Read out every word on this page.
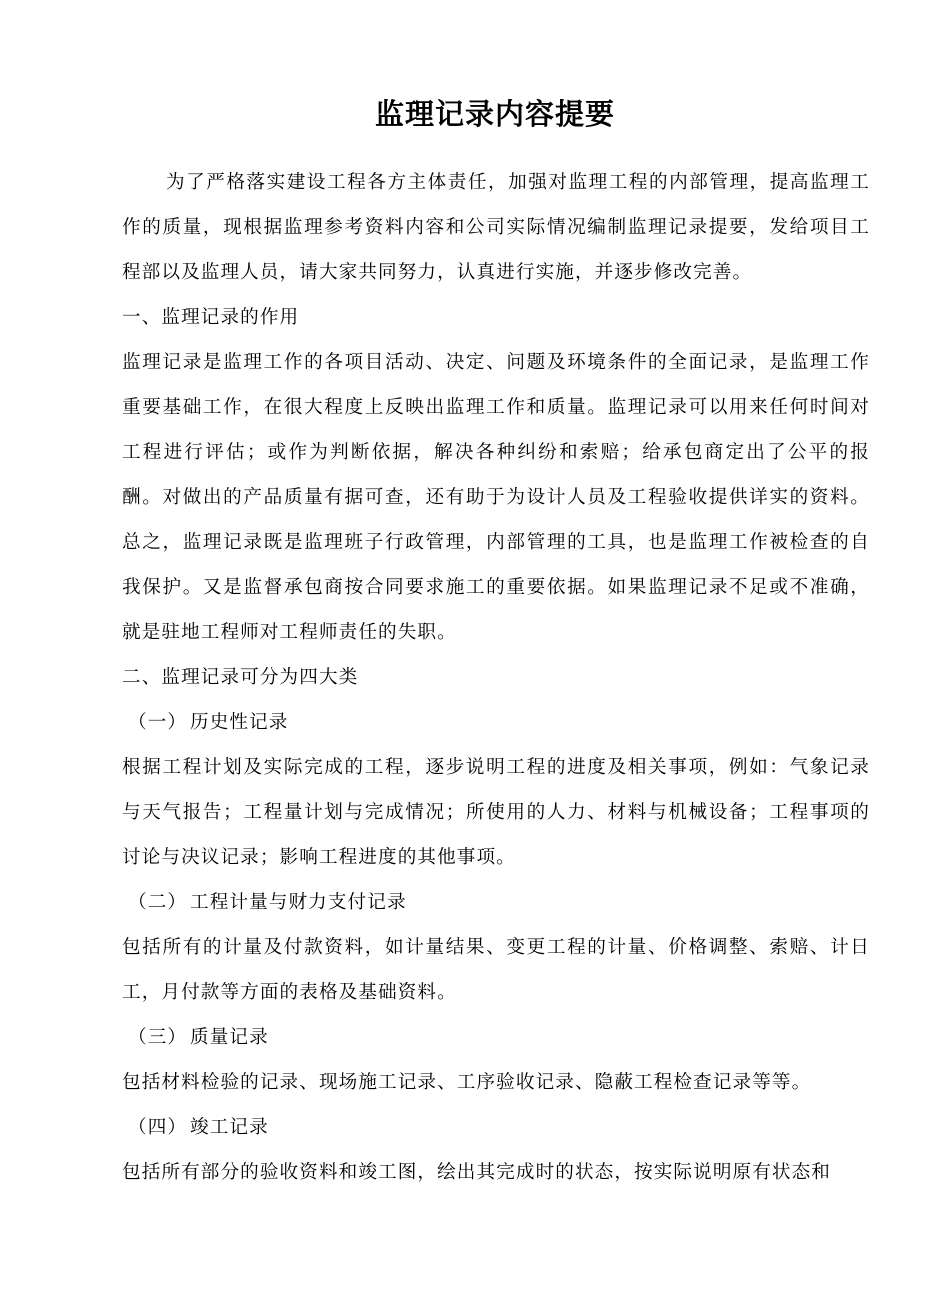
监理记录内容提要

为了严格落实建设工程各方主体责任，加强对监理工程的内部管理，提高监理工作的质量，现根据监理参考资料内容和公司实际情况编制监理记录提要，发给项目工程部以及监理人员，请大家共同努力，认真进行实施，并逐步修改完善。

一、监理记录的作用

监理记录是监理工作的各项目活动、决定、问题及环境条件的全面记录，是监理工作重要基础工作，在很大程度上反映出监理工作和质量。监理记录可以用来任何时间对工程进行评估；或作为判断依据，解决各种纠纷和索赔；给承包商定出了公平的报酬。对做出的产品质量有据可查，还有助于为设计人员及工程验收提供详实的资料。总之，监理记录既是监理班子行政管理，内部管理的工具，也是监理工作被检查的自我保护。又是监督承包商按合同要求施工的重要依据。如果监理记录不足或不准确，就是驻地工程师对工程师责任的失职。

二、监理记录可分为四大类

（一） 历史性记录

根据工程计划及实际完成的工程，逐步说明工程的进度及相关事项，例如：气象记录与天气报告；工程量计划与完成情况；所使用的人力、材料与机械设备；工程事项的讨论与决议记录；影响工程进度的其他事项。

（二） 工程计量与财力支付记录

包括所有的计量及付款资料，如计量结果、变更工程的计量、价格调整、索赔、计日工，月付款等方面的表格及基础资料。

（三） 质量记录

包括材料检验的记录、现场施工记录、工序验收记录、隐蔽工程检查记录等等。

（四） 竣工记录

包括所有部分的验收资料和竣工图，绘出其完成时的状态，按实际说明原有状态和
